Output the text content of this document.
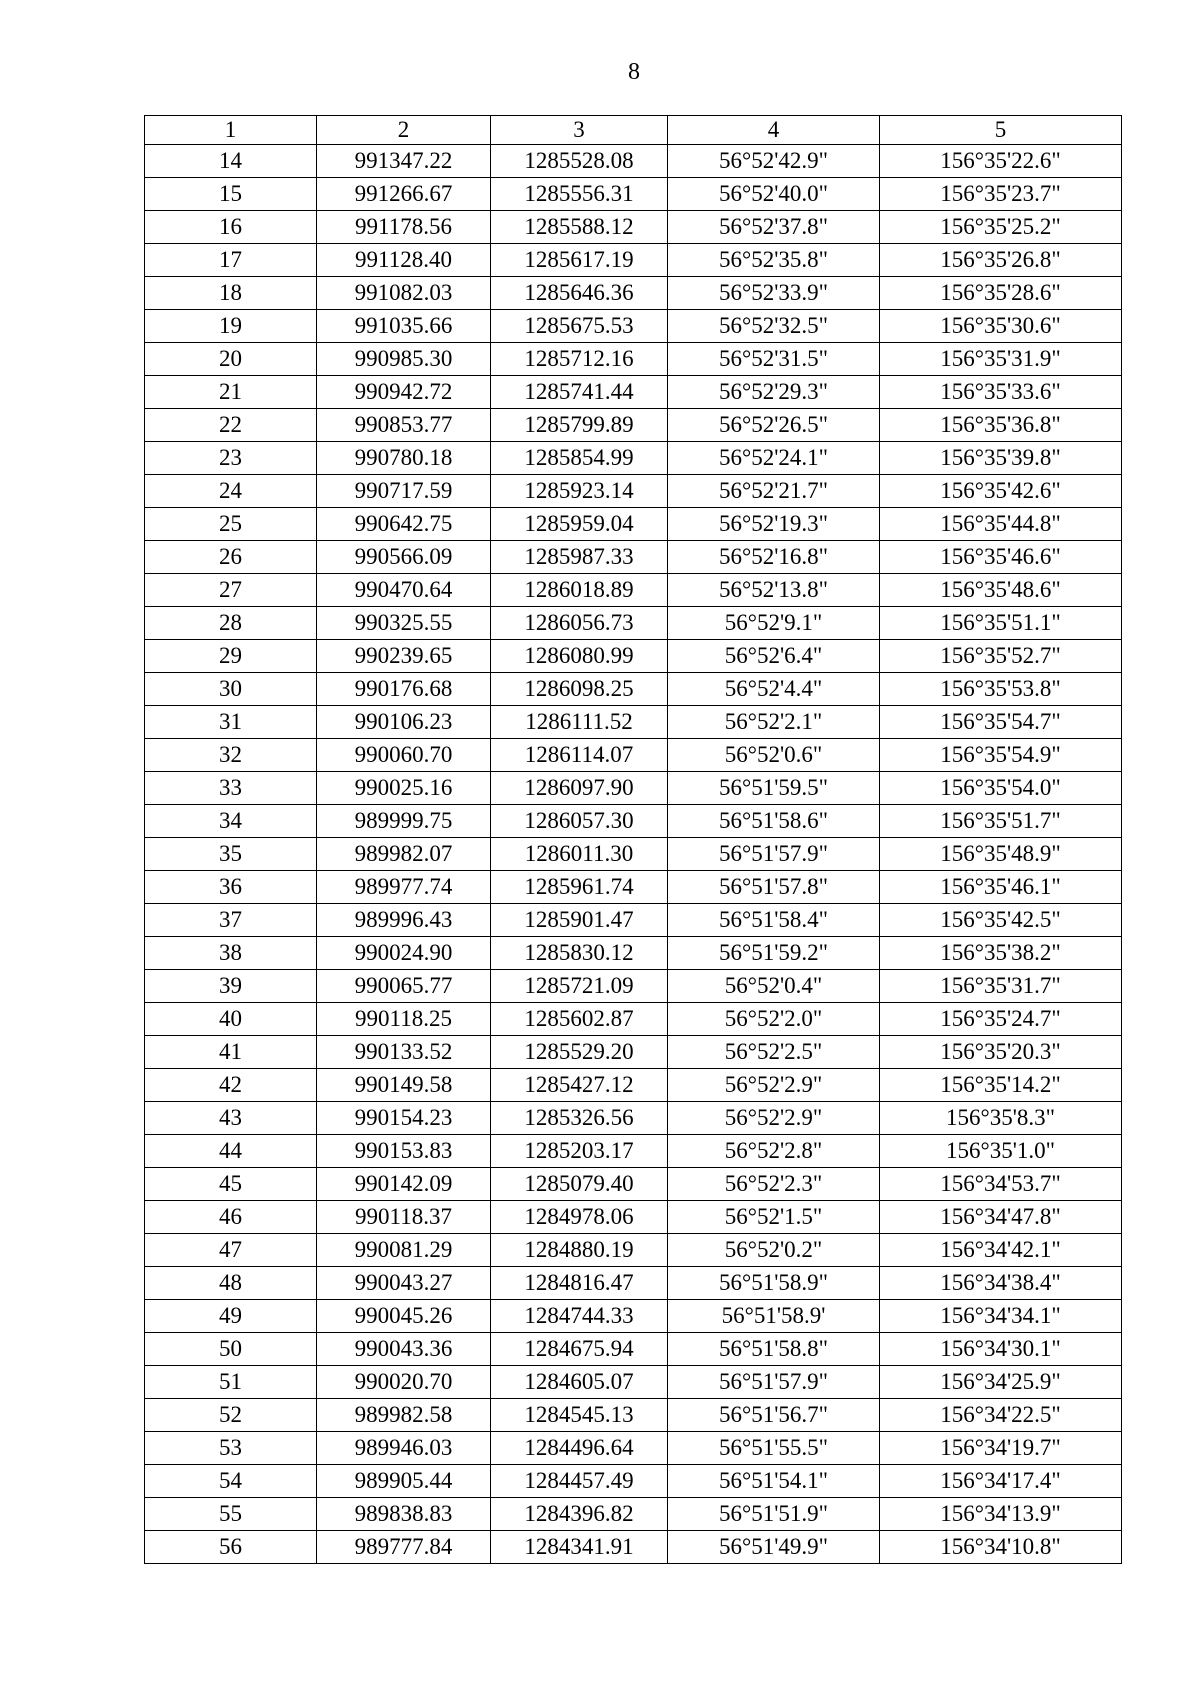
8
1	2	3	4	5
14	991347.22	1285528.08	56°52'42.9"	156°35'22.6"
15	991266.67	1285556.31	56°52'40.0"	156°35'23.7"
16	991178.56	1285588.12	56°52'37.8"	156°35'25.2"
17	991128.40	1285617.19	56°52'35.8"	156°35'26.8"
18	991082.03	1285646.36	56°52'33.9"	156°35'28.6"
19	991035.66	1285675.53	56°52'32.5"	156°35'30.6"
20	990985.30	1285712.16	56°52'31.5"	156°35'31.9"
21	990942.72	1285741.44	56°52'29.3"	156°35'33.6"
22	990853.77	1285799.89	56°52'26.5"	156°35'36.8"
23	990780.18	1285854.99	56°52'24.1"	156°35'39.8"
24	990717.59	1285923.14	56°52'21.7"	156°35'42.6"
25	990642.75	1285959.04	56°52'19.3"	156°35'44.8"
26	990566.09	1285987.33	56°52'16.8"	156°35'46.6"
27	990470.64	1286018.89	56°52'13.8"	156°35'48.6"
28	990325.55	1286056.73	56°52'9.1"	156°35'51.1"
29	990239.65	1286080.99	56°52'6.4"	156°35'52.7"
30	990176.68	1286098.25	56°52'4.4"	156°35'53.8"
31	990106.23	1286111.52	56°52'2.1"	156°35'54.7"
32	990060.70	1286114.07	56°52'0.6"	156°35'54.9"
33	990025.16	1286097.90	56°51'59.5"	156°35'54.0"
34	989999.75	1286057.30	56°51'58.6"	156°35'51.7"
35	989982.07	1286011.30	56°51'57.9"	156°35'48.9"
36	989977.74	1285961.74	56°51'57.8"	156°35'46.1"
37	989996.43	1285901.47	56°51'58.4"	156°35'42.5"
38	990024.90	1285830.12	56°51'59.2"	156°35'38.2"
39	990065.77	1285721.09	56°52'0.4"	156°35'31.7"
40	990118.25	1285602.87	56°52'2.0"	156°35'24.7"
41	990133.52	1285529.20	56°52'2.5"	156°35'20.3"
42	990149.58	1285427.12	56°52'2.9"	156°35'14.2"
43	990154.23	1285326.56	56°52'2.9"	156°35'8.3"
44	990153.83	1285203.17	56°52'2.8"	156°35'1.0"
45	990142.09	1285079.40	56°52'2.3"	156°34'53.7"
46	990118.37	1284978.06	56°52'1.5"	156°34'47.8"
47	990081.29	1284880.19	56°52'0.2"	156°34'42.1"
48	990043.27	1284816.47	56°51'58.9"	156°34'38.4"
49	990045.26	1284744.33	56°51'58.9'	156°34'34.1"
50	990043.36	1284675.94	56°51'58.8"	156°34'30.1"
51	990020.70	1284605.07	56°51'57.9"	156°34'25.9"
52	989982.58	1284545.13	56°51'56.7"	156°34'22.5"
53	989946.03	1284496.64	56°51'55.5"	156°34'19.7"
54	989905.44	1284457.49	56°51'54.1"	156°34'17.4"
55	989838.83	1284396.82	56°51'51.9"	156°34'13.9"
56	989777.84	1284341.91	56°51'49.9"	156°34'10.8"
